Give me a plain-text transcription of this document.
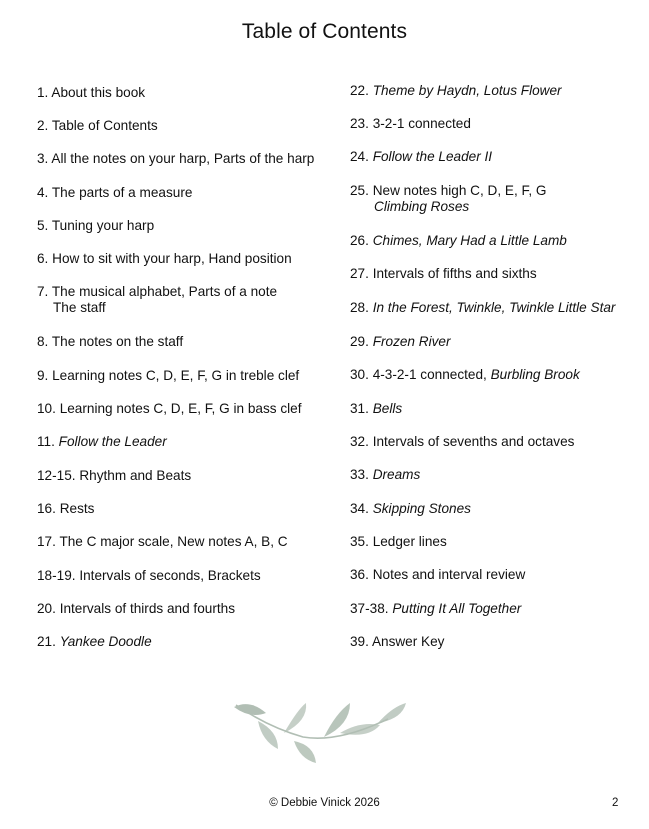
Table of Contents
1. About this book
2. Table of Contents
3. All the notes on your harp, Parts of the harp
4. The parts of a measure
5. Tuning your harp
6. How to sit with your harp, Hand position
7. The musical alphabet, Parts of a note
The staff
8. The notes on the staff
9. Learning notes C, D, E, F, G in treble clef
10. Learning notes C, D, E, F, G in bass clef
11. Follow the Leader
12-15. Rhythm and Beats
16. Rests
17. The C major scale, New notes A, B, C
18-19. Intervals of seconds, Brackets
20. Intervals of thirds and fourths
21. Yankee Doodle
22. Theme by Haydn, Lotus Flower
23. 3-2-1 connected
24. Follow the Leader II
25. New notes high C, D, E, F, G
Climbing Roses
26. Chimes, Mary Had a Little Lamb
27. Intervals of fifths and sixths
28. In the Forest, Twinkle, Twinkle Little Star
29. Frozen River
30. 4-3-2-1 connected, Burbling Brook
31. Bells
32. Intervals of sevenths and octaves
33. Dreams
34. Skipping Stones
35. Ledger lines
36. Notes and interval review
37-38. Putting It All Together
39. Answer Key
© Debbie Vinick 2026	2
